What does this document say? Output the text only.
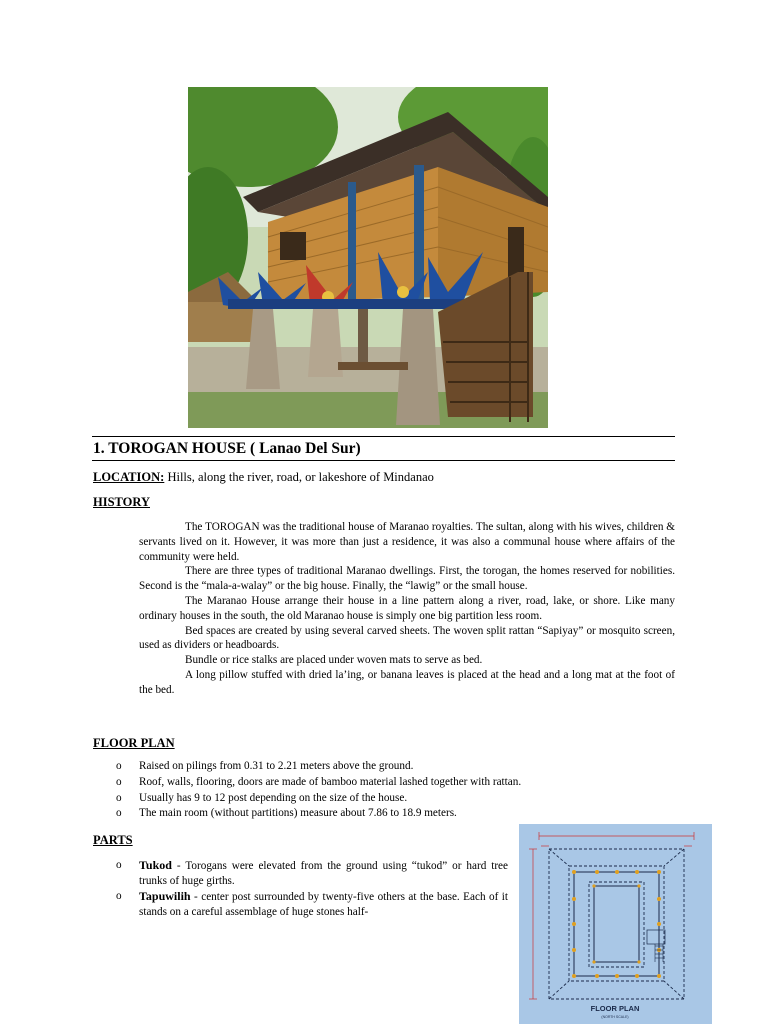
1. TOROGAN HOUSE ( Lanao Del Sur)
LOCATION: Hills, along the river, road, or lakeshore of Mindanao
HISTORY

The TOROGAN was the traditional house of Maranao royalties. The sultan, along with his wives, children & servants lived on it. However, it was more than just a residence, it was also a communal house where affairs of the community were held.

There are three types of traditional Maranao dwellings. First, the torogan, the homes reserved for nobilities. Second is the “mala-a-walay” or the big house. Finally, the “lawig” or the small house.

The Maranao House arrange their house in a line pattern along a river, road, lake, or shore. Like many ordinary houses in the south, the old Maranao house is simply one big partition less room.

Bed spaces are created by using several carved sheets. The woven split rattan “Sapiyay” or mosquito screen, used as dividers or headboards.

Bundle or rice stalks are placed under woven mats to serve as bed.

A long pillow stuffed with dried la’ing, or banana leaves is placed at the head and a long mat at the foot of the bed.

FLOOR PLAN
o Raised on pilings from 0.31 to 2.21 meters above the ground.
o Roof, walls, flooring, doors are made of bamboo material lashed together with rattan.
o Usually has 9 to 12 post depending on the size of the house.
o The main room (without partitions) measure about 7.86 to 18.9 meters.
PARTS
o Tukod - Torogans were elevated from the ground using “tukod” or hard tree trunks of huge girths.
o Tapuwilih - center post surrounded by twenty-five others at the base. Each of it stands on a careful assemblage of huge stones half-
FLOOR PLAN
(NORTH SCALE)
